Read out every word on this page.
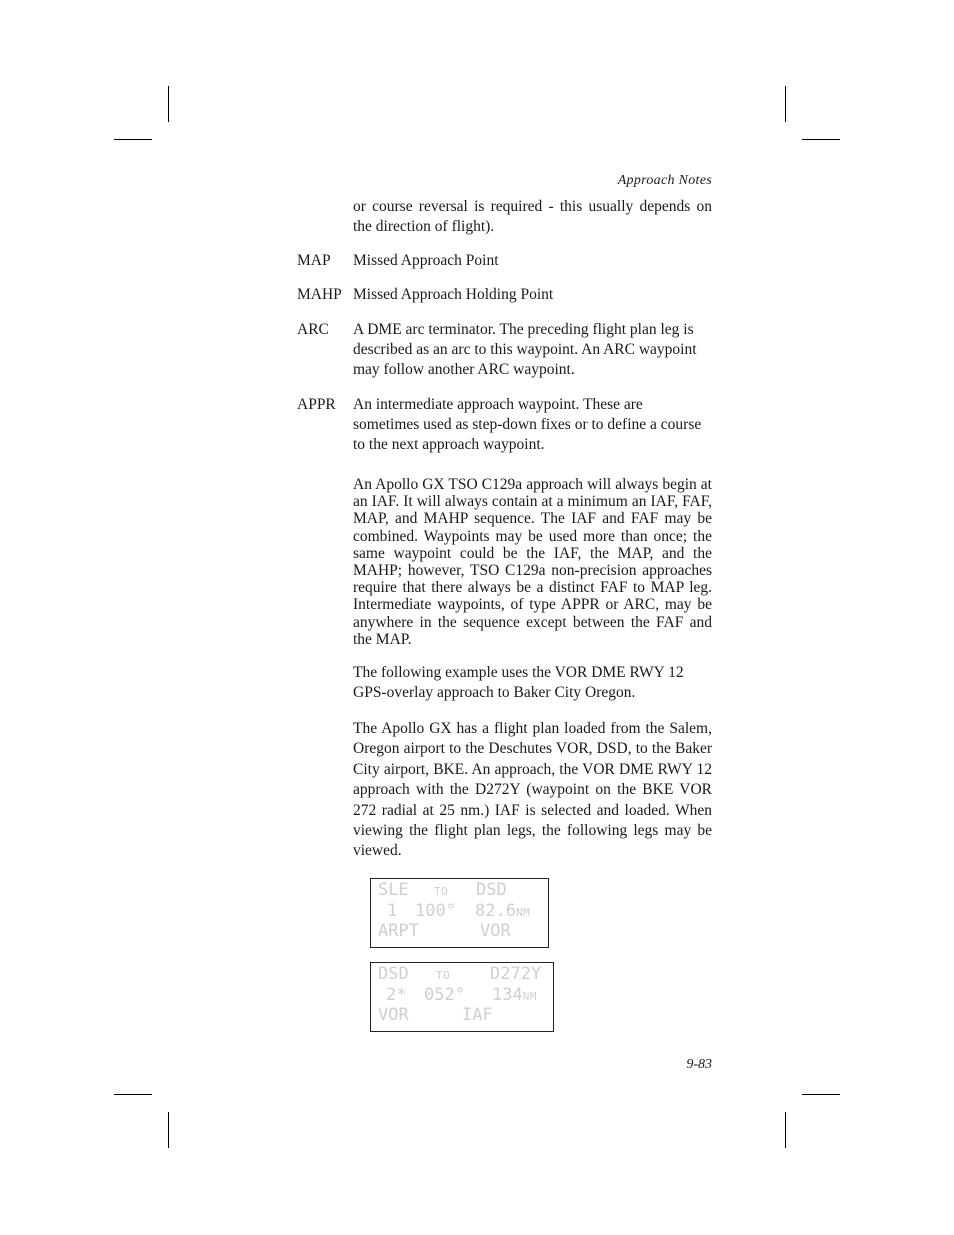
Approach Notes

or course reversal is required - this usually depends on the direction of flight).

MAP Missed Approach Point

MAHP Missed Approach Holding Point

ARC A DME arc terminator. The preceding flight plan leg is described as an arc to this waypoint. An ARC waypoint may follow another ARC waypoint.

APPR An intermediate approach waypoint. These are sometimes used as step-down fixes or to define a course to the next approach waypoint.

An Apollo GX TSO C129a approach will always begin at an IAF. It will always contain at a minimum an IAF, FAF, MAP, and MAHP sequence. The IAF and FAF may be combined. Waypoints may be used more than once; the same waypoint could be the IAF, the MAP, and the MAHP; however, TSO C129a non-precision approaches require that there always be a distinct FAF to MAP leg. Intermediate waypoints, of type APPR or ARC, may be anywhere in the sequence except between the FAF and the MAP.

The following example uses the VOR DME RWY 12 GPS-overlay approach to Baker City Oregon.

The Apollo GX has a flight plan loaded from the Salem, Oregon airport to the Deschutes VOR, DSD, to the Baker City airport, BKE. An approach, the VOR DME RWY 12 approach with the D272Y (waypoint on the BKE VOR 272 radial at 25 nm.) IAF is selected and loaded. When viewing the flight plan legs, the following legs may be viewed.

SLE TO DSD
1 100° 82.6NM
ARPT	VOR
DSD TO D272Y
2* 052° 134NM
VOR	IAF
9-83
